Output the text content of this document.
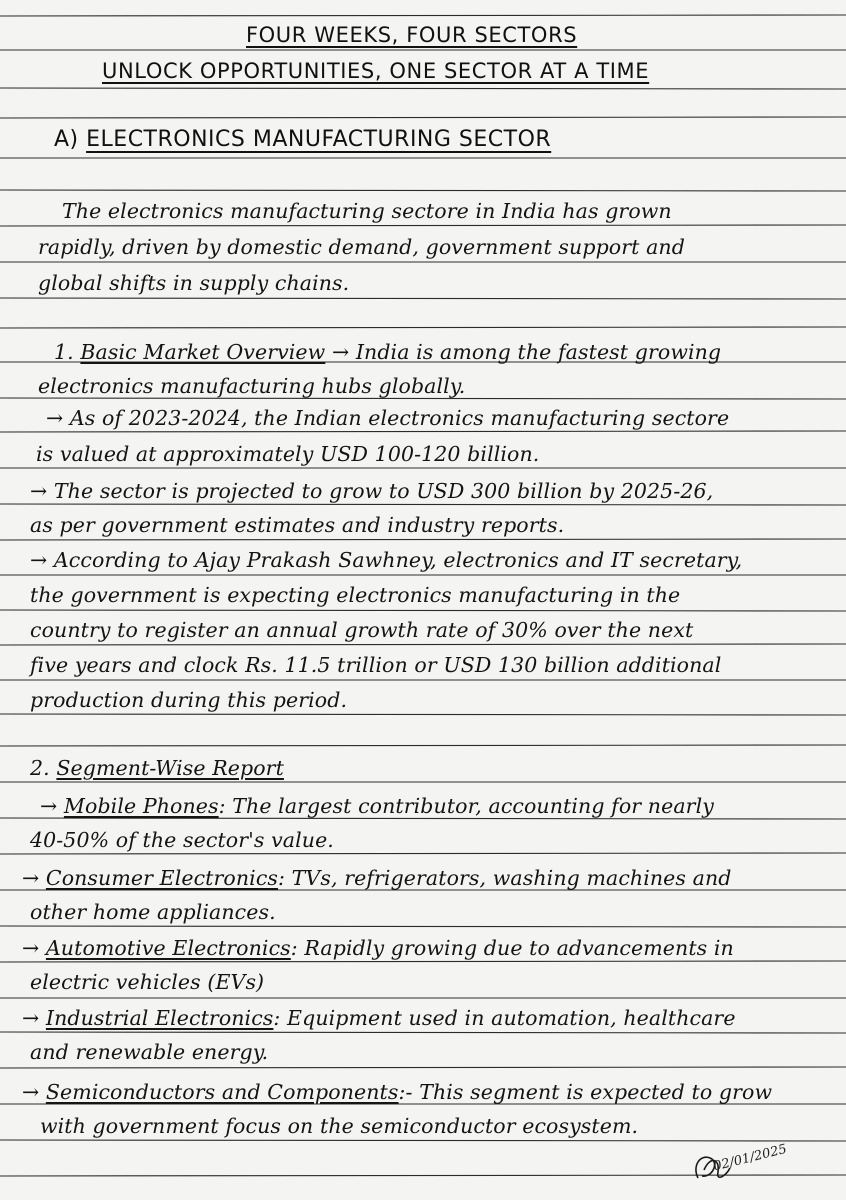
FOUR WEEKS, FOUR SECTORS
UNLOCK OPPORTUNITIES, ONE SECTOR AT A TIME
A) ELECTRONICS MANUFACTURING SECTOR
The electronics manufacturing sectore in India has grown
rapidly, driven by domestic demand, government support and
global shifts in supply chains.
1. Basic Market Overview → India is among the fastest growing
electronics manufacturing hubs globally.
→ As of 2023-2024, the Indian electronics manufacturing sectore
is valued at approximately USD 100-120 billion.
→ The sector is projected to grow to USD 300 billion by 2025-26,
as per government estimates and industry reports.
→ According to Ajay Prakash Sawhney, electronics and IT secretary,
the government is expecting electronics manufacturing in the
country to register an annual growth rate of 30% over the next
five years and clock Rs. 11.5 trillion or USD 130 billion additional
production during this period.
2. Segment-Wise Report
→ Mobile Phones: The largest contributor, accounting for nearly
40-50% of the sector's value.
→ Consumer Electronics: TVs, refrigerators, washing machines and
other home appliances.
→ Automotive Electronics: Rapidly growing due to advancements in
electric vehicles (EVs)
→ Industrial Electronics: Equipment used in automation, healthcare
and renewable energy.
→ Semiconductors and Components:- This segment is expected to grow
with government focus on the semiconductor ecosystem.
02/01/2025
